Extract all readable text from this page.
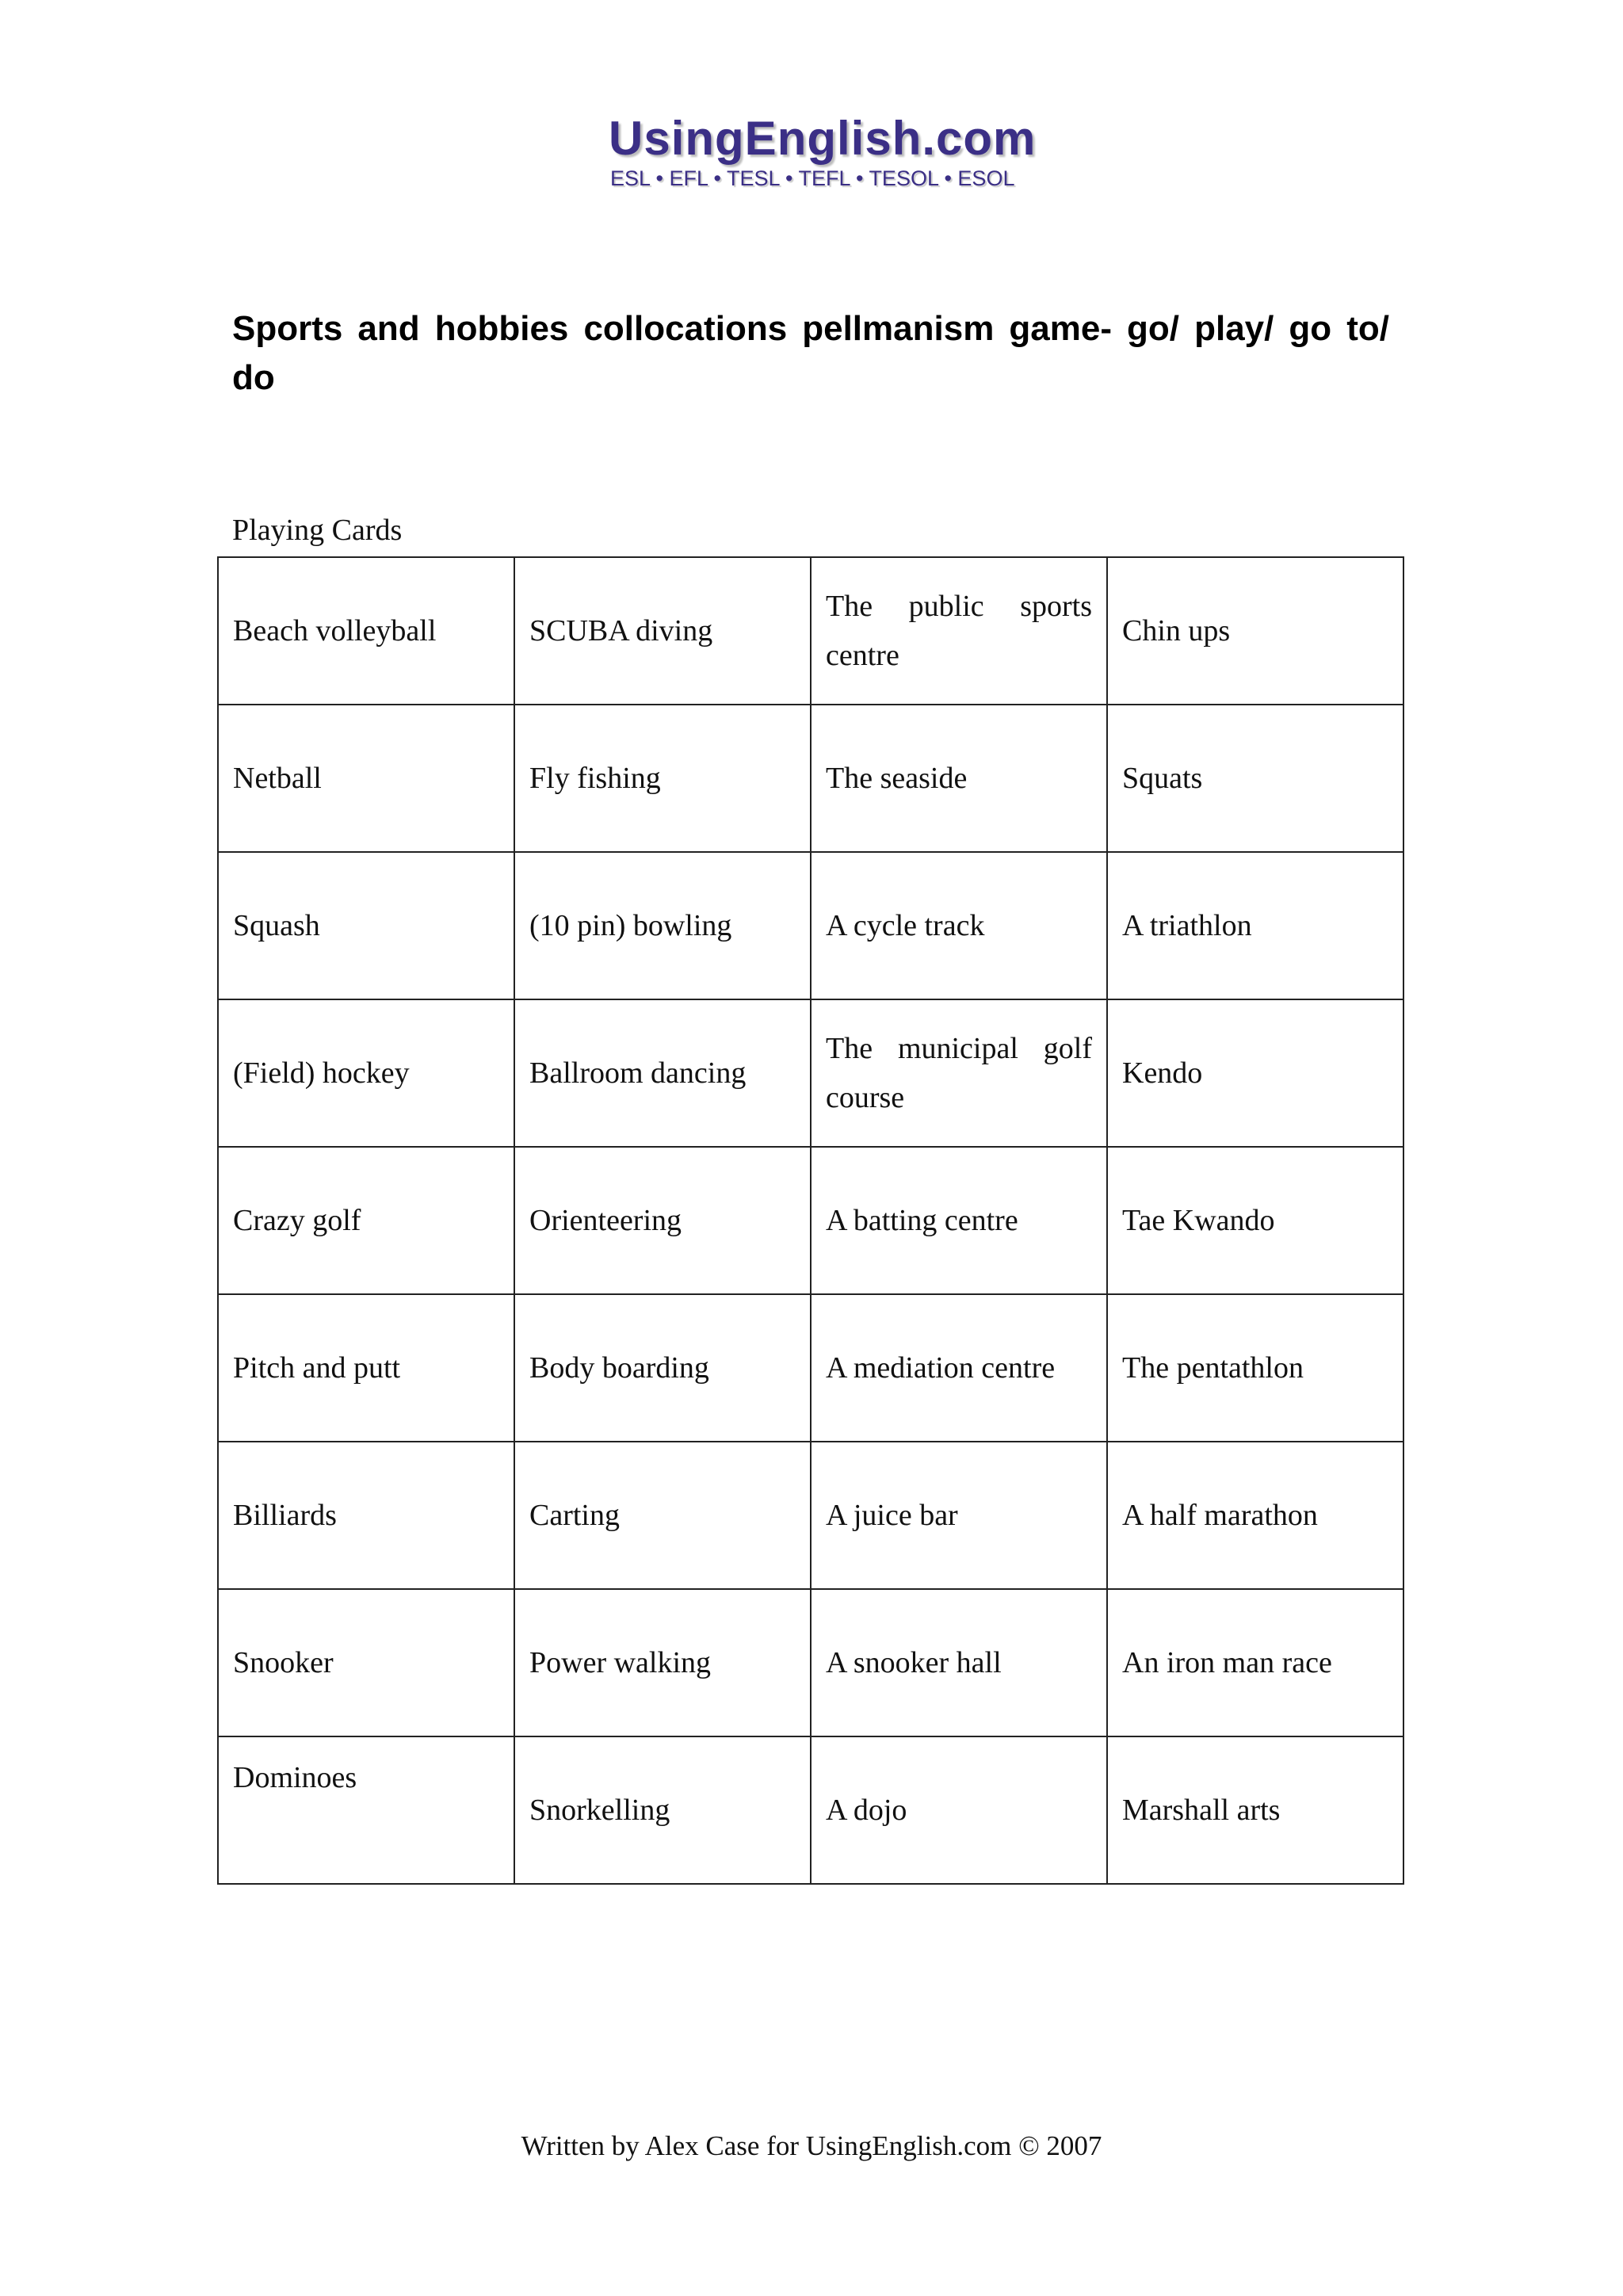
UsingEnglish.com
ESL • EFL • TESL • TEFL • TESOL • ESOL
Sports and hobbies collocations pellmanism game- go/ play/ go to/ do
Playing Cards
Beach volleyball	SCUBA diving	The public sports centre	Chin ups
Netball	Fly fishing	The seaside	Squats
Squash	(10 pin) bowling	A cycle track	A triathlon
(Field) hockey	Ballroom dancing	The municipal golf course	Kendo
Crazy golf	Orienteering	A batting centre	Tae Kwando
Pitch and putt	Body boarding	A mediation centre	The pentathlon
Billiards	Carting	A juice bar	A half marathon
Snooker	Power walking	A snooker hall	An iron man race
Dominoes	Snorkelling	A dojo	Marshall arts
Written by Alex Case for UsingEnglish.com © 2007
